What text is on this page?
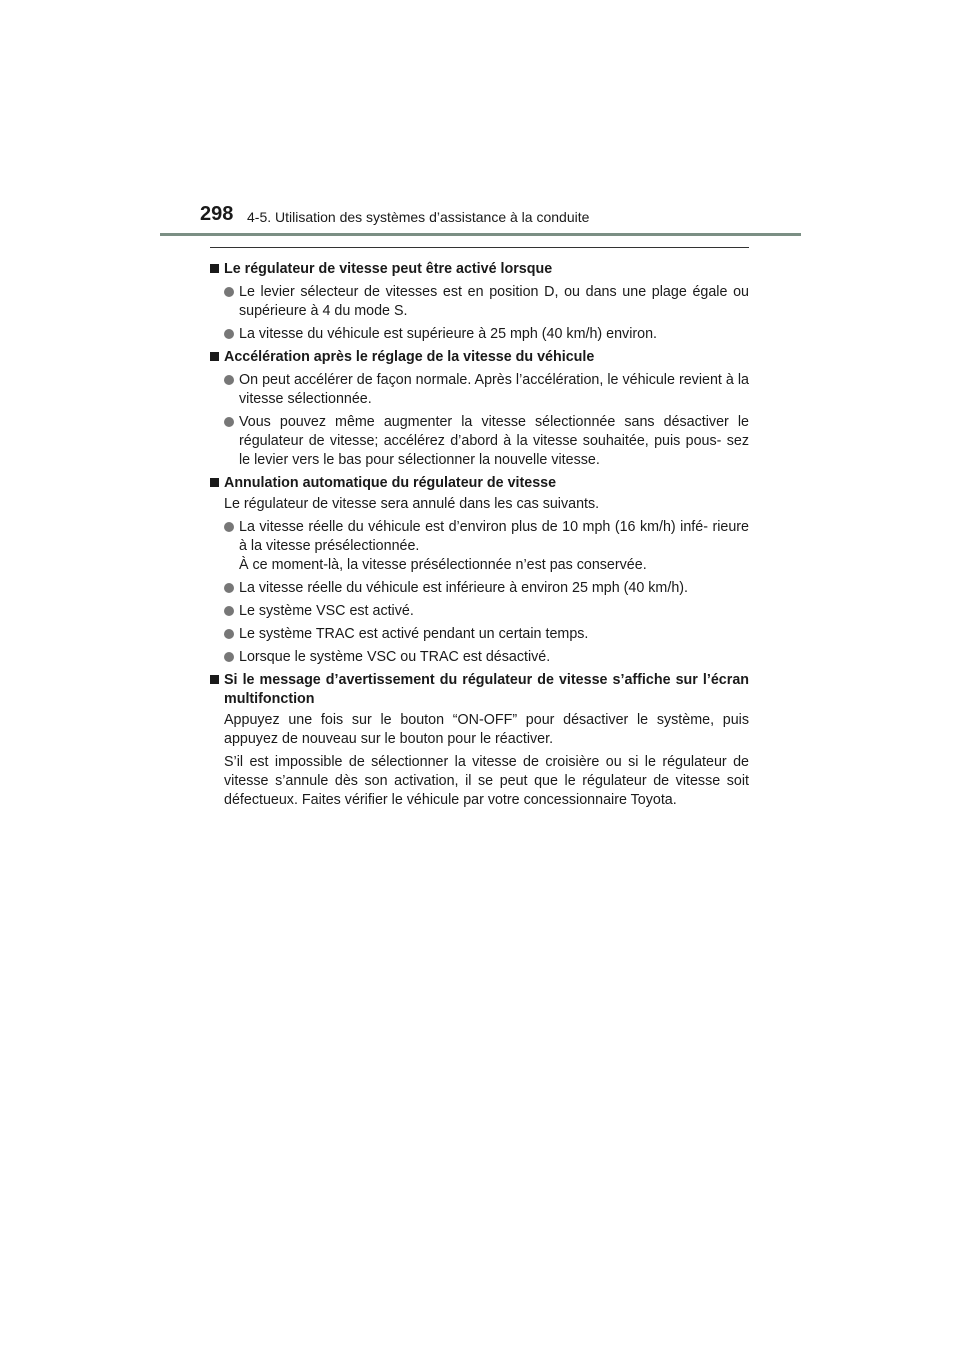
298 4-5. Utilisation des systèmes d’assistance à la conduite
Le régulateur de vitesse peut être activé lorsque
Le levier sélecteur de vitesses est en position D, ou dans une plage égale ou supérieure à 4 du mode S.
La vitesse du véhicule est supérieure à 25 mph (40 km/h) environ.
Accélération après le réglage de la vitesse du véhicule
On peut accélérer de façon normale. Après l’accélération, le véhicule revient à la vitesse sélectionnée.
Vous pouvez même augmenter la vitesse sélectionnée sans désactiver le régulateur de vitesse; accélérez d’abord à la vitesse souhaitée, puis pous- sez le levier vers le bas pour sélectionner la nouvelle vitesse.
Annulation automatique du régulateur de vitesse
Le régulateur de vitesse sera annulé dans les cas suivants.
La vitesse réelle du véhicule est d’environ plus de 10 mph (16 km/h) infé- rieure à la vitesse présélectionnée.
À ce moment-là, la vitesse présélectionnée n’est pas conservée.
La vitesse réelle du véhicule est inférieure à environ 25 mph (40 km/h).
Le système VSC est activé.
Le système TRAC est activé pendant un certain temps.
Lorsque le système VSC ou TRAC est désactivé.
Si le message d’avertissement du régulateur de vitesse s’affiche sur l’écran multifonction
Appuyez une fois sur le bouton “ON-OFF” pour désactiver le système, puis appuyez de nouveau sur le bouton pour le réactiver.
S’il est impossible de sélectionner la vitesse de croisière ou si le régulateur de vitesse s’annule dès son activation, il se peut que le régulateur de vitesse soit défectueux. Faites vérifier le véhicule par votre concessionnaire Toyota.
